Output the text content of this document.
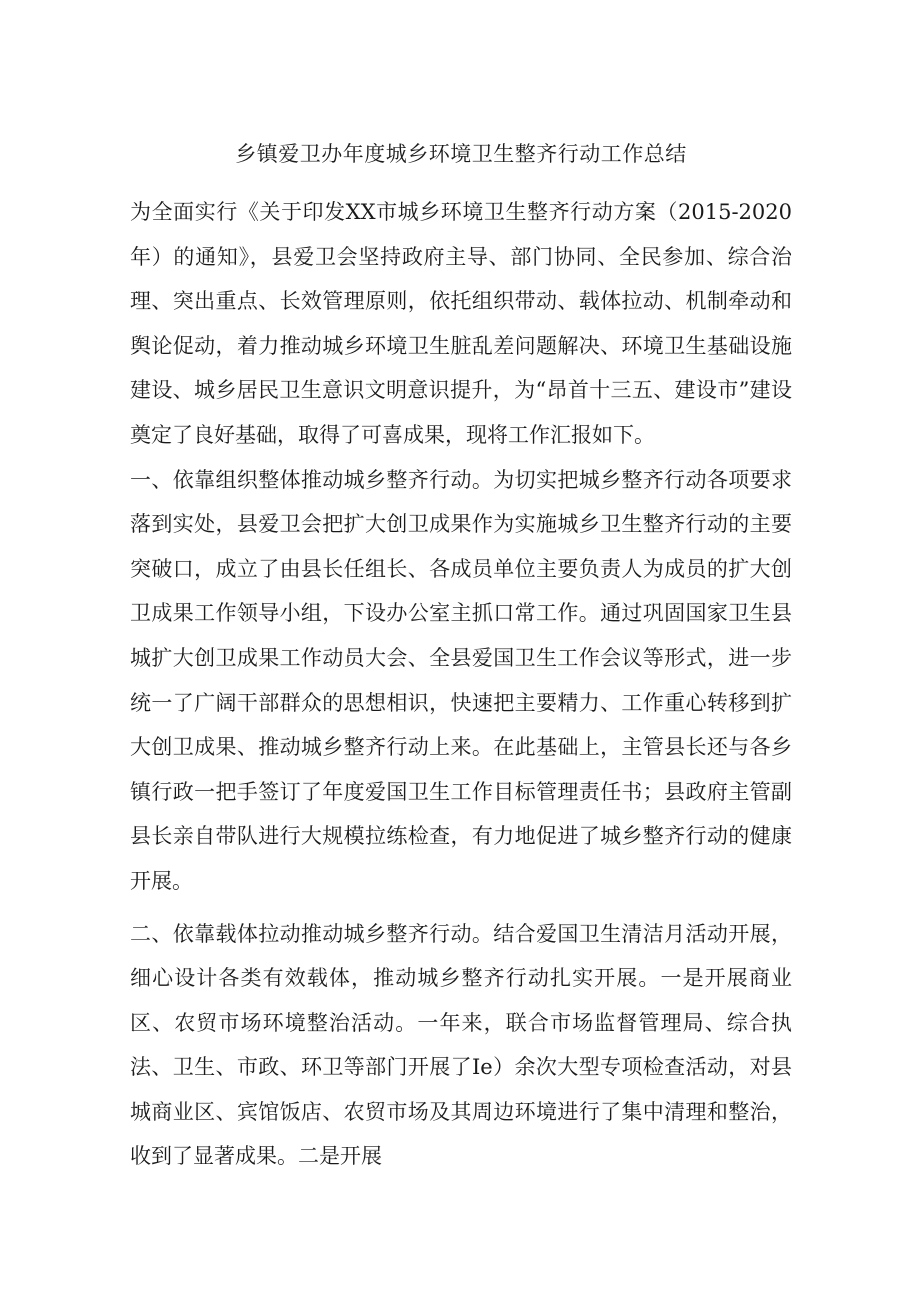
乡镇爱卫办年度城乡环境卫生整齐行动工作总结

为全面实行《关于印发XX市城乡环境卫生整齐行动方案（2015-2020年）的通知》，县爱卫会坚持政府主导、部门协同、全民参加、综合治理、突出重点、长效管理原则，依托组织带动、载体拉动、机制牵动和舆论促动，着力推动城乡环境卫生脏乱差问题解决、环境卫生基础设施建设、城乡居民卫生意识文明意识提升，为“昂首十三五、建设市”建设奠定了良好基础，取得了可喜成果，现将工作汇报如下。

一、依靠组织整体推动城乡整齐行动。为切实把城乡整齐行动各项要求落到实处，县爱卫会把扩大创卫成果作为实施城乡卫生整齐行动的主要突破口，成立了由县长任组长、各成员单位主要负责人为成员的扩大创卫成果工作领导小组，下设办公室主抓口常工作。通过巩固国家卫生县城扩大创卫成果工作动员大会、全县爱国卫生工作会议等形式，进一步统一了广阔干部群众的思想相识，快速把主要精力、工作重心转移到扩大创卫成果、推动城乡整齐行动上来。在此基础上，主管县长还与各乡镇行政一把手签订了年度爱国卫生工作目标管理责任书；县政府主管副县长亲自带队进行大规模拉练检查，有力地促进了城乡整齐行动的健康开展。

二、依靠载体拉动推动城乡整齐行动。结合爱国卫生清洁月活动开展，细心设计各类有效载体，推动城乡整齐行动扎实开展。一是开展商业区、农贸市场环境整治活动。一年来，联合市场监督管理局、综合执法、卫生、市政、环卫等部门开展了Ie）余次大型专项检查活动，对县城商业区、宾馆饭店、农贸市场及其周边环境进行了集中清理和整治，收到了显著成果。二是开展
